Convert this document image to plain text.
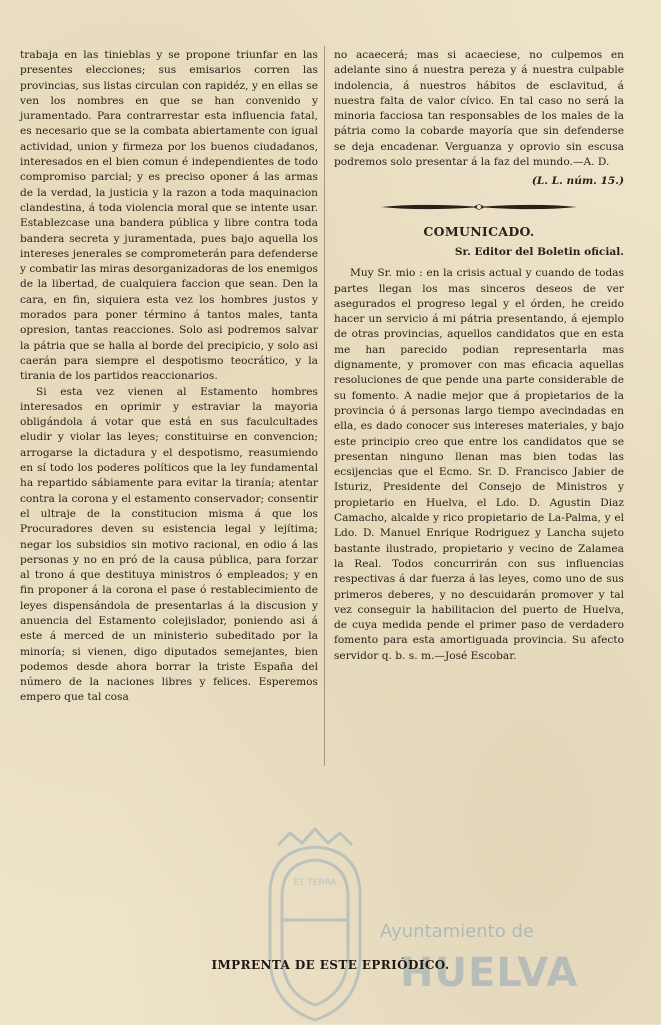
trabaja en las tinieblas y se propone triunfar en las presentes elecciones; sus emisarios corren las provincias, sus listas circulan con rapidéz, y en ellas se ven los nombres en que se han convenido y juramentado. Para contrarrestar esta influencia fatal, es necesario que se la combata abiertamente con igual actividad, union y firmeza por los buenos ciudadanos, interesados en el bien comun é independientes de todo compromiso parcial; y es preciso oponer á las armas de la verdad, la justicia y la razon a toda maquinacion clandestina, á toda violencia moral que se intente usar. Establezcase una bandera pública y libre contra toda bandera secreta y juramentada, pues bajo aquella los intereses jenerales se comprometerán para defenderse y combatir las miras desorganizadoras de los enemigos de la libertad, de cualquiera faccion que sean. Den la cara, en fin, siquiera esta vez los hombres justos y morados para poner término á tantos males, tanta opresion, tantas reacciones. Solo asi podremos salvar la pátria que se halla al borde del precipicio, y solo asi caerán para siempre el despotismo teocrático, y la tirania de los partidos reaccionarios.

Si esta vez vienen al Estamento hombres interesados en oprimir y estraviar la mayoria obligándola á votar que está en sus faculcultades eludir y violar las leyes; constituirse en convencion; arrogarse la dictadura y el despotismo, reasumiendo en sí todo los poderes políticos que la ley fundamental ha repartido sábiamente para evitar la tiranía; atentar contra la corona y el estamento conservador; consentir el ultraje de la constitucion misma á que los Procuradores deven su esistencia legal y lejítima; negar los subsidios sin motivo racional, en odio á las personas y no en pró de la causa pública, para forzar al trono á que destituya ministros ó empleados; y en fin proponer á la corona el pase ó restablecimiento de leyes dispensándola de presentarlas á la discusion y anuencia del Estamento colejislador, poniendo asi á este á merced de un ministerio subeditado por la minoría; si vienen, digo diputados semejantes, bien podemos desde ahora borrar la triste España del número de la naciones libres y felices. Esperemos empero que tal cosa

no acaecerá; mas si acaeciese, no culpemos en adelante sino á nuestra pereza y á nuestra culpable indolencia, á nuestros hábitos de esclavitud, á nuestra falta de valor cívico. En tal caso no será la minoria facciosa tan responsables de los males de la pátria como la cobarde mayoría que sin defenderse se deja encadenar. Verguanza y oprovio sin escusa podremos solo presentar á la faz del mundo.—A. D.

(L. L. núm. 15.)

COMUNICADO.

Sr. Editor del Boletin oficial.

Muy Sr. mio : en la crisis actual y cuando de todas partes llegan los mas sinceros deseos de ver asegurados el progreso legal y el órden, he creido hacer un servicio á mi pátria presentando, á ejemplo de otras provincias, aquellos candidatos que en esta me han parecido podian representarla mas dignamente, y promover con mas eficacia aquellas resoluciones de que pende una parte considerable de su fomento. A nadie mejor que á propietarios de la provincia ó á personas largo tiempo avecindadas en ella, es dado conocer sus intereses materiales, y bajo este principio creo que entre los candidatos que se presentan ninguno llenan mas bien todas las ecsijencias que el Ecmo. Sr. D. Francisco Jabier de Isturiz, Presidente del Consejo de Ministros y propietario en Huelva, el Ldo. D. Agustin Diaz Camacho, alcalde y rico propietario de La-Palma, y el Ldo. D. Manuel Enrique Rodriguez y Lancha sujeto bastante ilustrado, propietario y vecino de Zalamea la Real. Todos concurrirán con sus influencias respectivas á dar fuerza á las leyes, como uno de sus primeros deberes, y no descuidarán promover y tal vez conseguir la habilitacion del puerto de Huelva, de cuya medida pende el primer paso de verdadero fomento para esta amortiguada provincia. Su afecto servidor q. b. s. m.—José Escobar.

ET TERRA
Ayuntamiento de
HUELVA
IMPRENTA DE ESTE EPRIÓDICO.
